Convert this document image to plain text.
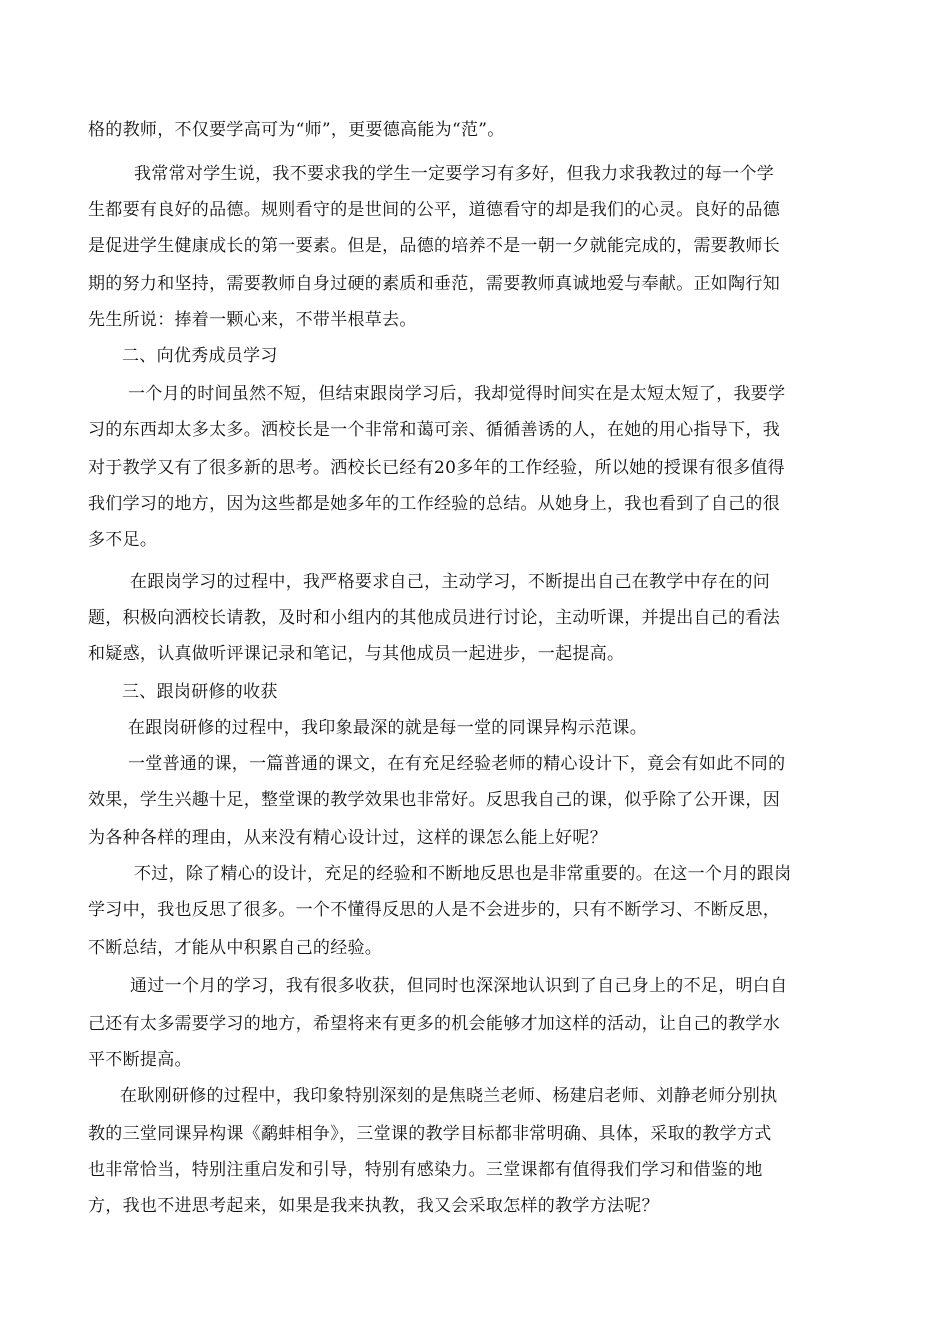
格的教师，不仅要学高可为“师”，更要德高能为“范”。
我常常对学生说，我不要求我的学生一定要学习有多好，但我力求我教过的每一个学
生都要有良好的品德。规则看守的是世间的公平，道德看守的却是我们的心灵。良好的品德
是促进学生健康成长的第一要素。但是，品德的培养不是一朝一夕就能完成的，需要教师长
期的努力和坚持，需要教师自身过硬的素质和垂范，需要教师真诚地爱与奉献。正如陶行知
先生所说：捧着一颗心来，不带半根草去。
二、向优秀成员学习
一个月的时间虽然不短，但结束跟岗学习后，我却觉得时间实在是太短太短了，我要学
习的东西却太多太多。洒校长是一个非常和蔼可亲、循循善诱的人，在她的用心指导下，我
对于教学又有了很多新的思考。洒校长已经有20多年的工作经验，所以她的授课有很多值得
我们学习的地方，因为这些都是她多年的工作经验的总结。从她身上，我也看到了自己的很
多不足。
在跟岗学习的过程中，我严格要求自己，主动学习，不断提出自己在教学中存在的问
题，积极向洒校长请教，及时和小组内的其他成员进行讨论，主动听课，并提出自己的看法
和疑惑，认真做听评课记录和笔记，与其他成员一起进步，一起提高。
三、跟岗研修的收获
在跟岗研修的过程中，我印象最深的就是每一堂的同课异构示范课。
一堂普通的课，一篇普通的课文，在有充足经验老师的精心设计下，竟会有如此不同的
效果，学生兴趣十足，整堂课的教学效果也非常好。反思我自己的课，似乎除了公开课，因
为各种各样的理由，从来没有精心设计过，这样的课怎么能上好呢？
不过，除了精心的设计，充足的经验和不断地反思也是非常重要的。在这一个月的跟岗
学习中，我也反思了很多。一个不懂得反思的人是不会进步的，只有不断学习、不断反思，
不断总结，才能从中积累自己的经验。
通过一个月的学习，我有很多收获，但同时也深深地认识到了自己身上的不足，明白自
己还有太多需要学习的地方，希望将来有更多的机会能够才加这样的活动，让自己的教学水
平不断提高。
在耿刚研修的过程中，我印象特别深刻的是焦晓兰老师、杨建启老师、刘静老师分别执
教的三堂同课异构课《鹬蚌相争》，三堂课的教学目标都非常明确、具体，采取的教学方式
也非常恰当，特别注重启发和引导，特别有感染力。三堂课都有值得我们学习和借鉴的地
方，我也不进思考起来，如果是我来执教，我又会采取怎样的教学方法呢？
